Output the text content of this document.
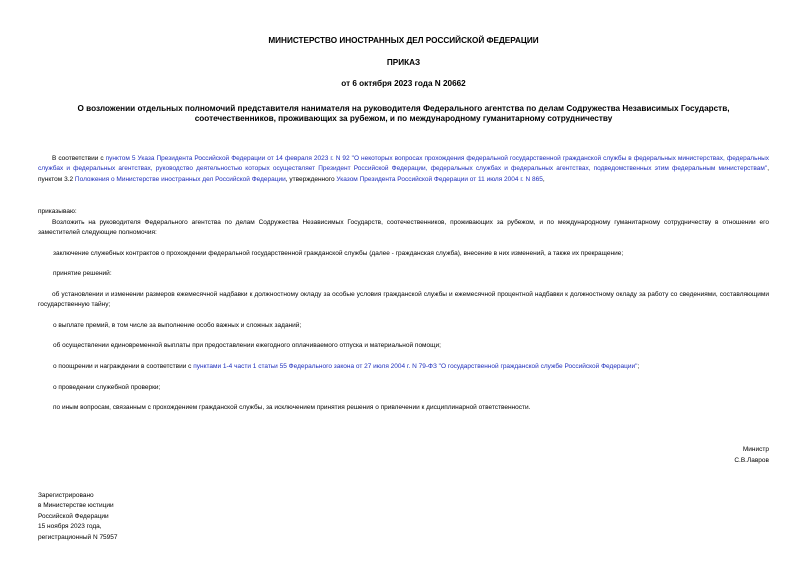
МИНИСТЕРСТВО ИНОСТРАННЫХ ДЕЛ РОССИЙСКОЙ ФЕДЕРАЦИИ
ПРИКАЗ
от 6 октября 2023 года N 20662
О возложении отдельных полномочий представителя нанимателя на руководителя Федерального агентства по делам Содружества Независимых Государств,
соотечественников, проживающих за рубежом, и по международному гуманитарному сотрудничеству
В соответствии с пунктом 5 Указа Президента Российской Федерации от 14 февраля 2023 г. N 92 "О некоторых вопросах прохождения федеральной государственной гражданской службы в федеральных министерствах, федеральных службах и федеральных агентствах, руководство деятельностью которых осуществляет Президент Российской Федерации, федеральных службах и федеральных агентствах, подведомственных этим федеральным министерствам", пунктом 3.2 Положения о Министерстве иностранных дел Российской Федерации, утвержденного Указом Президента Российской Федерации от 11 июля 2004 г. N 865,
приказываю:
Возложить на руководителя Федерального агентства по делам Содружества Независимых Государств, соотечественников, проживающих за рубежом, и по международному гуманитарному сотрудничеству в отношении его заместителей следующие полномочия:
заключение служебных контрактов о прохождении федеральной государственной гражданской службы (далее - гражданская служба), внесение в них изменений, а также их прекращение;
принятие решений:
об установлении и изменении размеров ежемесячной надбавки к должностному окладу за особые условия гражданской службы и ежемесячной процентной надбавки к должностному окладу за работу со сведениями, составляющими государственную тайну;
о выплате премий, в том числе за выполнение особо важных и сложных заданий;
об осуществлении единовременной выплаты при предоставлении ежегодного оплачиваемого отпуска и материальной помощи;
о поощрении и награждении в соответствии с пунктами 1-4 части 1 статьи 55 Федерального закона от 27 июля 2004 г. N 79-ФЗ "О государственной гражданской службе Российской Федерации";
о проведении служебной проверки;
по иным вопросам, связанным с прохождением гражданской службы, за исключением принятия решения о привлечении к дисциплинарной ответственности.
Министр
С.В.Лавров
Зарегистрировано
в Министерстве юстиции
Российской Федерации
15 ноября 2023 года,
регистрационный N 75957
